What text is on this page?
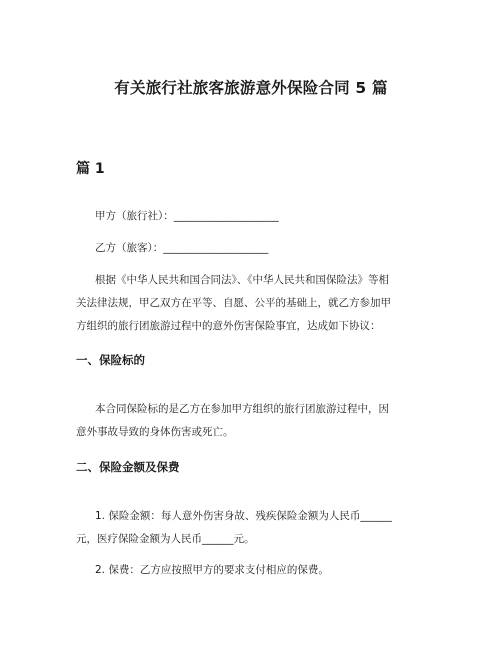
有关旅行社旅客旅游意外保险合同 5 篇
篇 1
甲方（旅行社）：____________________
乙方（旅客）：____________________
根据《中华人民共和国合同法》、《中华人民共和国保险法》等相
关法律法规，甲乙双方在平等、自愿、公平的基础上，就乙方参加甲
方组织的旅行团旅游过程中的意外伤害保险事宜，达成如下协议：
一、保险标的
本合同保险标的是乙方在参加甲方组织的旅行团旅游过程中，因
意外事故导致的身体伤害或死亡。
二、保险金额及保费
1. 保险金额：每人意外伤害身故、残疾保险金额为人民币______
元，医疗保险金额为人民币______元。
2. 保费：乙方应按照甲方的要求支付相应的保费。
